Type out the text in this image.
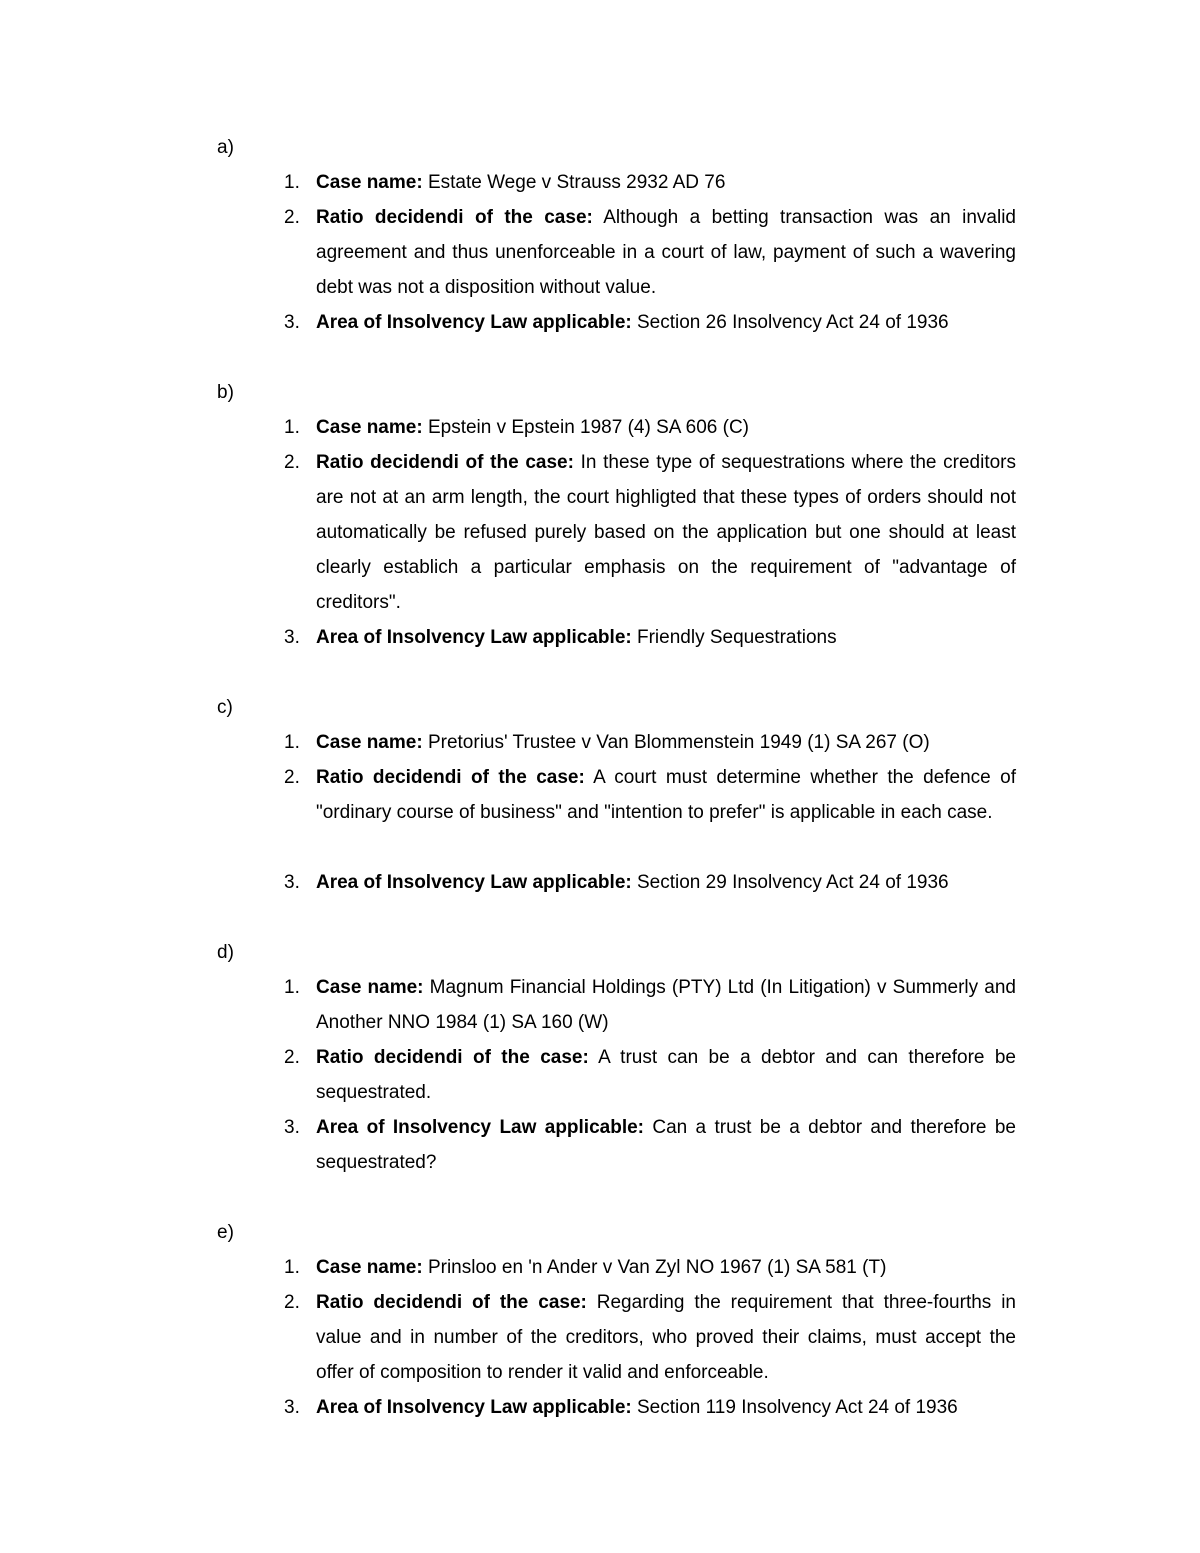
a)
1. Case name: Estate Wege v Strauss 2932 AD 76
2. Ratio decidendi of the case: Although a betting transaction was an invalid agreement and thus unenforceable in a court of law, payment of such a wavering debt was not a disposition without value.
3. Area of Insolvency Law applicable: Section 26 Insolvency Act 24 of 1936
b)
1. Case name: Epstein v Epstein 1987 (4) SA 606 (C)
2. Ratio decidendi of the case: In these type of sequestrations where the creditors are not at an arm length, the court highligted that these types of orders should not automatically be refused purely based on the application but one should at least clearly establich a particular emphasis on the requirement of "advantage of creditors".
3. Area of Insolvency Law applicable: Friendly Sequestrations
c)
1. Case name: Pretorius' Trustee v Van Blommenstein 1949 (1) SA 267 (O)
2. Ratio decidendi of the case: A court must determine whether the defence of "ordinary course of business" and "intention to prefer" is applicable in each case.
3. Area of Insolvency Law applicable: Section 29 Insolvency Act 24 of 1936
d)
1. Case name: Magnum Financial Holdings (PTY) Ltd (In Litigation) v Summerly and Another NNO 1984 (1) SA 160 (W)
2. Ratio decidendi of the case: A trust can be a debtor and can therefore be sequestrated.
3. Area of Insolvency Law applicable: Can a trust be a debtor and therefore be sequestrated?
e)
1. Case name: Prinsloo en 'n Ander v Van Zyl NO 1967 (1) SA 581 (T)
2. Ratio decidendi of the case: Regarding the requirement that three-fourths in value and in number of the creditors, who proved their claims, must accept the offer of composition to render it valid and enforceable.
3. Area of Insolvency Law applicable: Section 119 Insolvency Act 24 of 1936
